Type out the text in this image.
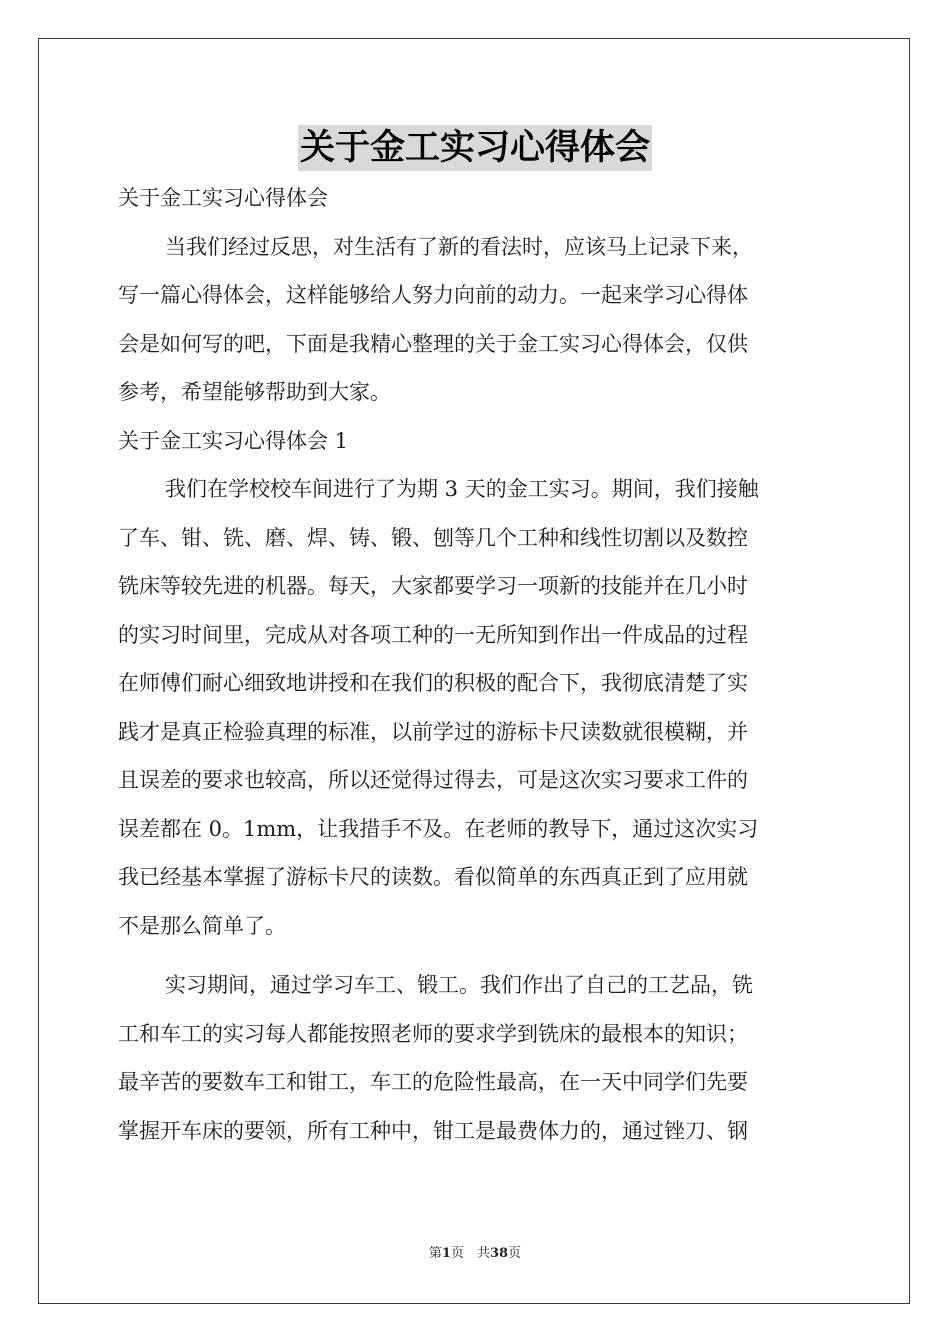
关于金工实习心得体会

关于金工实习心得体会

当我们经过反思，对生活有了新的看法时，应该马上记录下来，

写一篇心得体会，这样能够给人努力向前的动力。一起来学习心得体

会是如何写的吧，下面是我精心整理的关于金工实习心得体会，仅供

参考，希望能够帮助到大家。

关于金工实习心得体会 1

我们在学校校车间进行了为期 3 天的金工实习。期间，我们接触

了车、钳、铣、磨、焊、铸、锻、刨等几个工种和线性切割以及数控

铣床等较先进的机器。每天，大家都要学习一项新的技能并在几小时

的实习时间里，完成从对各项工种的一无所知到作出一件成品的过程

在师傅们耐心细致地讲授和在我们的积极的配合下，我彻底清楚了实

践才是真正检验真理的标准，以前学过的游标卡尺读数就很模糊，并

且误差的要求也较高，所以还觉得过得去，可是这次实习要求工件的

误差都在 0。1mm，让我措手不及。在老师的教导下，通过这次实习

我已经基本掌握了游标卡尺的读数。看似简单的东西真正到了应用就

不是那么简单了。

实习期间，通过学习车工、锻工。我们作出了自己的工艺品，铣

工和车工的实习每人都能按照老师的要求学到铣床的最根本的知识；

最辛苦的要数车工和钳工，车工的危险性最高，在一天中同学们先要

掌握开车床的要领，所有工种中，钳工是最费体力的，通过锉刀、钢

第1页　共38页
